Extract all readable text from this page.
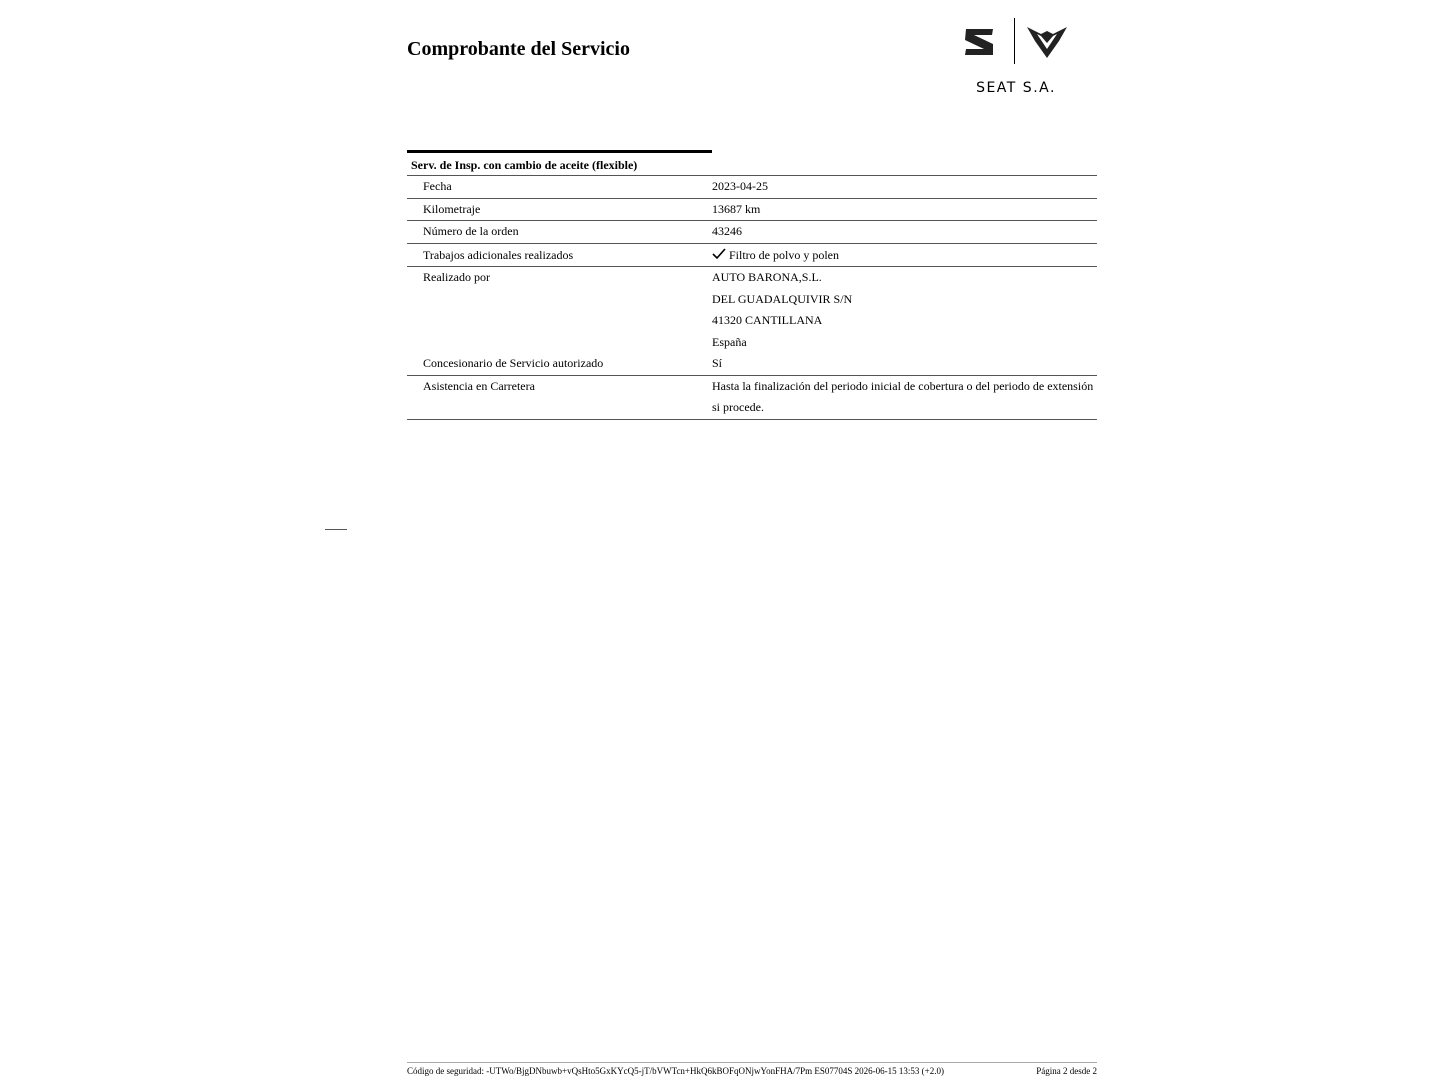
Comprobante del Servicio
SEAT S.A.
Serv. de Insp. con cambio de aceite (flexible)
Fecha	2023-04-25
Kilometraje	13687 km
Número de la orden	43246
Trabajos adicionales realizados	Filtro de polvo y polen
Realizado por	AUTO BARONA,S.L.
DEL GUADALQUIVIR S/N
41320 CANTILLANA
España
Concesionario de Servicio autorizado	Sí
Asistencia en Carretera	Hasta la finalización del periodo inicial de cobertura o del periodo de extensión
si procede.
Código de seguridad: -UTWo/BjgDNbuwb+vQsHto5GxKYcQ5-jT/bVWTcn+HkQ6kBOFqONjwYonFHA/7Pm ES07704S 2026-06-15 13:53 (+2.0)	Página 2 desde 2
